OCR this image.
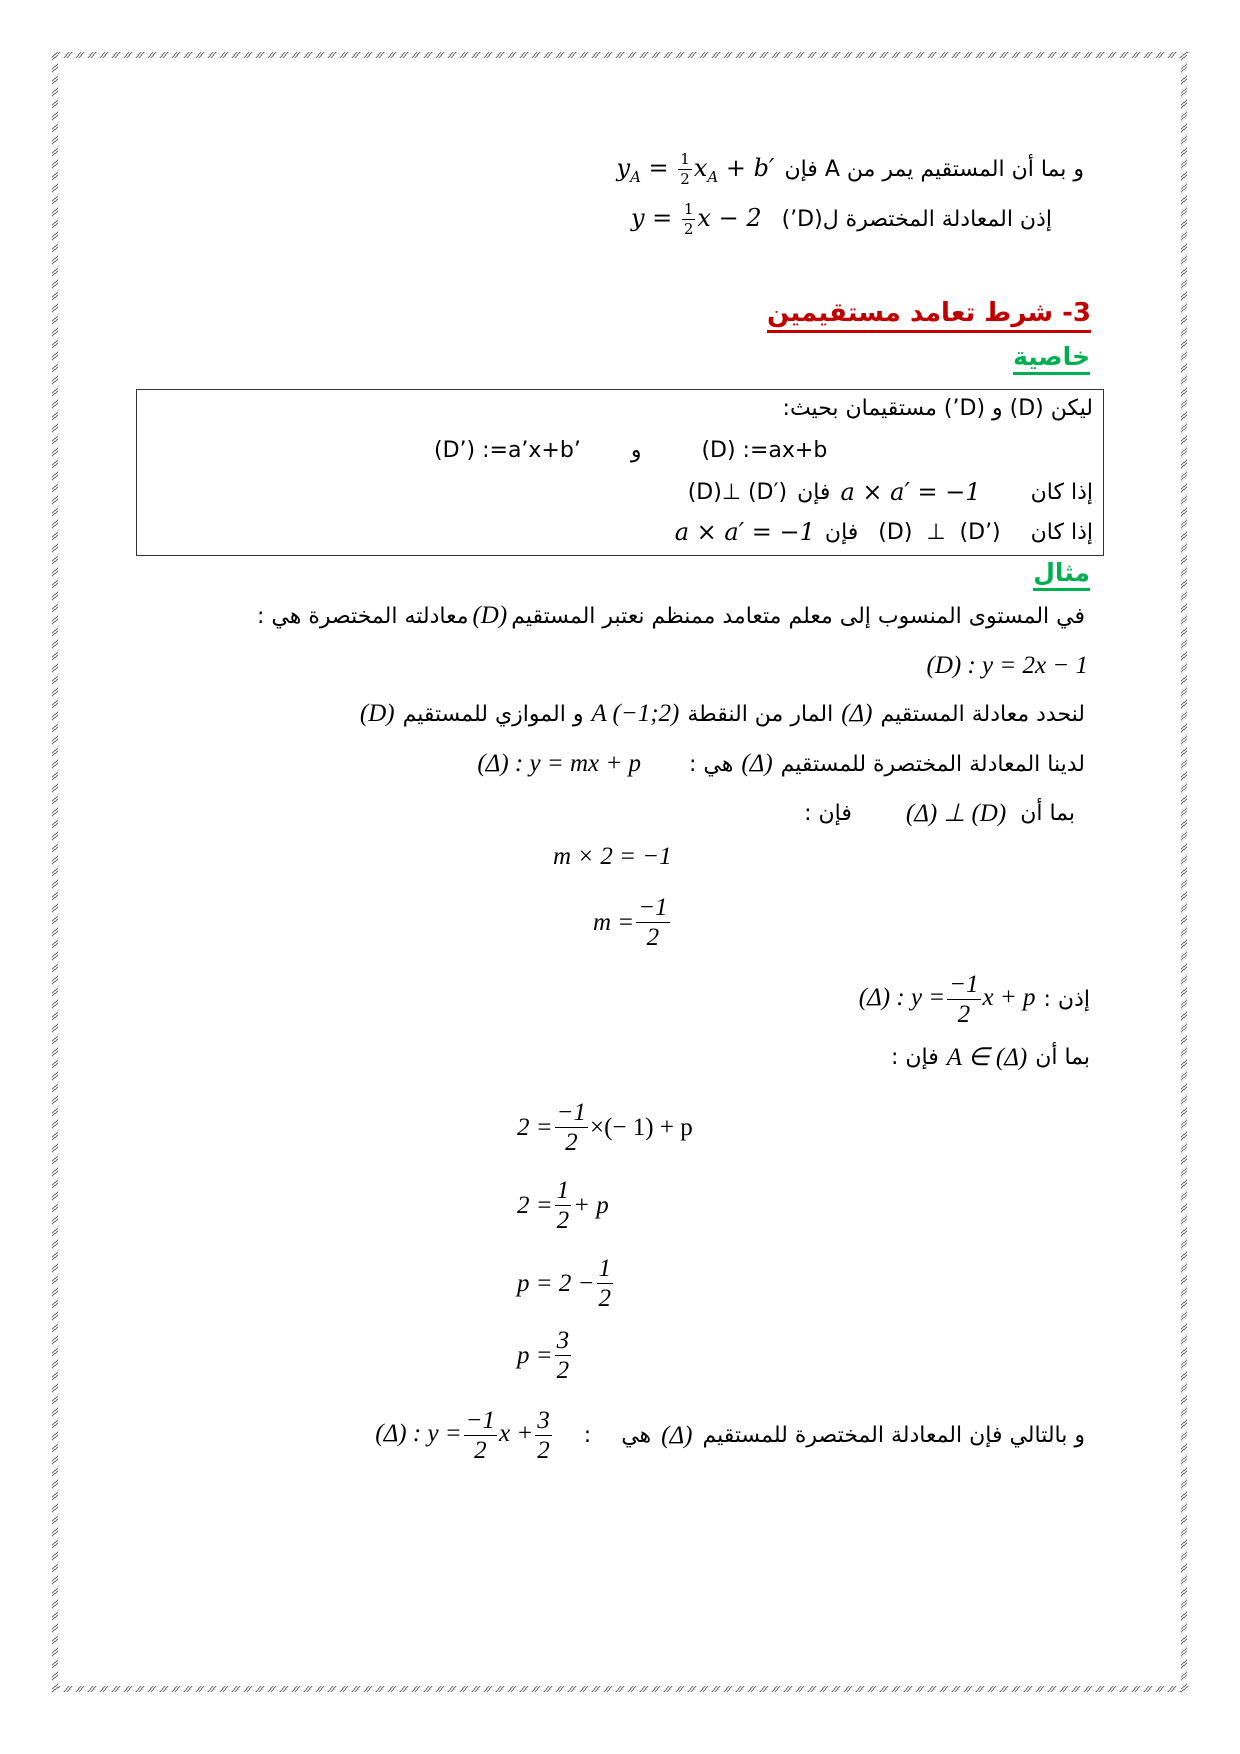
$y_A = \frac{1}{2} x_A + b'$ و بما أن المستقيم يمر من A فإن
$y = \frac{1}{2}$ x − 2 إذن المعادلة المختصرة ل(D’)
3- شرط تعامد مستقيمين
خاصية
ليكن (D) و (D’) مستقيمان بحيث:
(D’) :=a’x+b’ و	(D) :=ax+b
(D)⊥ (D′) فإن a × a′ = −1 إذا كان
a × a′ = −1 فإن (D)  ⊥  (D’) إذا كان
مثال
معادلته المختصرة هي : (D) في المستوى المنسوب إلى معلم متعامد ممنظم نعتبر المستقيم
(D) : y = 2x − 1
(D) و الموازي للمستقيم A (−1;2) المار من النقطة (Δ) لنحدد معادلة المستقيم
(Δ) : y = mx + p هي : (Δ) لدينا المعادلة المختصرة للمستقيم
فإن : (Δ) ⊥ (D) بما أن
m × 2 = −1
$m = \frac{-1}{2}$
(Δ) : $y = \frac{-1}{2}$ x + p إذن :
فإن : A ∈ (Δ) بما أن
$2 = \frac{-1}{2}$ ×(− 1) + p
$2 = \frac{1}{2} + p$
$p = 2 - \frac{1}{2}$
$p = \frac{3}{2}$
(Δ) : $y = \frac{-1}{2}$ $x + \frac{3}{2}$ : هي (Δ) و بالتالي فإن المعادلة المختصرة للمستقيم
